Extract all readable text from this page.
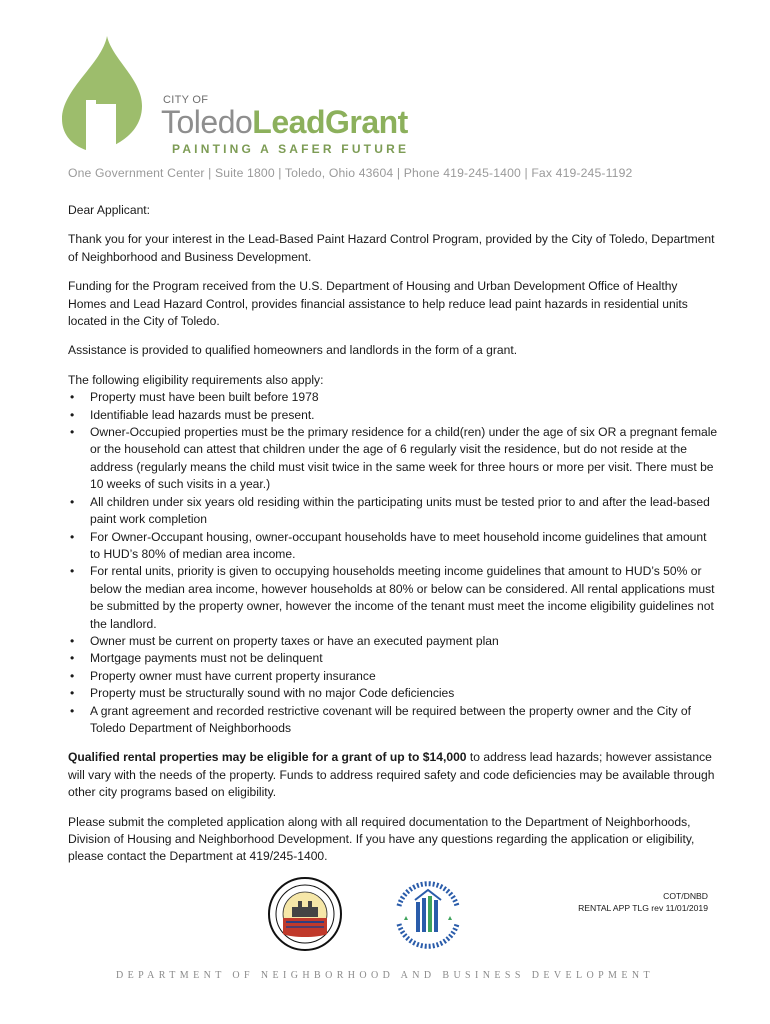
CITY OF
ToledoLeadGrant
PAINTING A SAFER FUTURE
One Government Center | Suite 1800 | Toledo, Ohio 43604 | Phone 419-245-1400 | Fax 419-245-1192

Dear Applicant:

Thank you for your interest in the Lead-Based Paint Hazard Control Program, provided by the City of Toledo, Department of Neighborhood and Business Development.

Funding for the Program received from the U.S. Department of Housing and Urban Development Office of Healthy Homes and Lead Hazard Control, provides financial assistance to help reduce lead paint hazards in residential units located in the City of Toledo.

Assistance is provided to qualified homeowners and landlords in the form of a grant.

The following eligibility requirements also apply:

• Property must have been built before 1978
• Identifiable lead hazards must be present.
• Owner-Occupied properties must be the primary residence for a child(ren) under the age of six OR a pregnant female or the household can attest that children under the age of 6 regularly visit the residence, but do not reside at the address (regularly means the child must visit twice in the same week for three hours or more per visit. There must be 10 weeks of such visits in a year.)
• All children under six years old residing within the participating units must be tested prior to and after the lead-based paint work completion
• For Owner-Occupant housing, owner-occupant households have to meet household income guidelines that amount to HUD’s 80% of median area income.
• For rental units, priority is given to occupying households meeting income guidelines that amount to HUD’s 50% or below the median area income, however households at 80% or below can be considered. All rental applications must be submitted by the property owner, however the income of the tenant must meet the income eligibility guidelines not the landlord.
• Owner must be current on property taxes or have an executed payment plan
• Mortgage payments must not be delinquent
• Property owner must have current property insurance
• Property must be structurally sound with no major Code deficiencies
• A grant agreement and recorded restrictive covenant will be required between the property owner and the City of Toledo Department of Neighborhoods

Qualified rental properties may be eligible for a grant of up to $14,000 to address lead hazards; however assistance will vary with the needs of the property. Funds to address required safety and code deficiencies may be available through other city programs based on eligibility.

Please submit the completed application along with all required documentation to the Department of Neighborhoods, Division of Housing and Neighborhood Development. If you have any questions regarding the application or eligibility, please contact the Department at 419/245-1400.

COT/DNBD
RENTAL APP TLG rev 11/01/2019
DEPARTMENT OF NEIGHBORHOOD AND BUSINESS DEVELOPMENT
